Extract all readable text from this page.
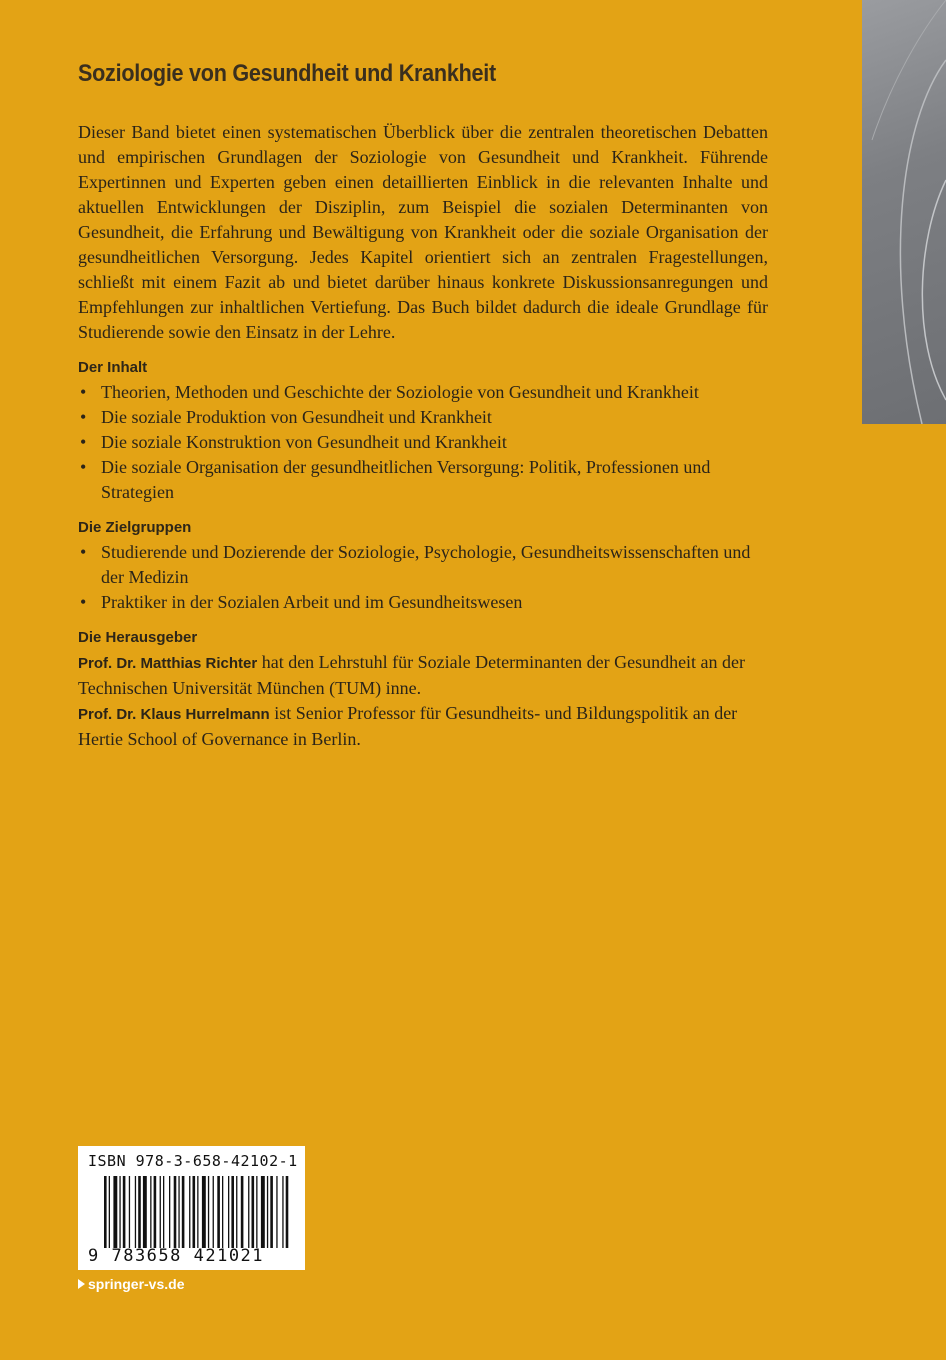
Soziologie von Gesundheit und Krankheit

Dieser Band bietet einen systematischen Überblick über die zentralen theoretischen Debatten und empirischen Grundlagen der Soziologie von Gesundheit und Krankheit. Führende Expertinnen und Experten geben einen detaillierten Einblick in die relevanten Inhalte und aktuellen Entwicklungen der Disziplin, zum Beispiel die sozialen Determinanten von Gesundheit, die Erfahrung und Bewältigung von Krankheit oder die soziale Organisation der gesundheitlichen Versorgung. Jedes Kapitel orientiert sich an zentralen Fragestellungen, schließt mit einem Fazit ab und bietet darüber hinaus konkrete Diskussionsanregungen und Empfehlungen zur inhaltlichen Vertiefung. Das Buch bildet dadurch die ideale Grundlage für Studierende sowie den Einsatz in der Lehre.

Der Inhalt
• Theorien, Methoden und Geschichte der Soziologie von Gesundheit und Krankheit
• Die soziale Produktion von Gesundheit und Krankheit
• Die soziale Konstruktion von Gesundheit und Krankheit
• Die soziale Organisation der gesundheitlichen Versorgung: Politik, Professionen und Strategien
Die Zielgruppen
• Studierende und Dozierende der Soziologie, Psychologie, Gesundheitswissenschaften und der Medizin
• Praktiker in der Sozialen Arbeit und im Gesundheitswesen
Die Herausgeber

Prof. Dr. Matthias Richter hat den Lehrstuhl für Soziale Determinanten der Gesundheit an der Technischen Universität München (TUM) inne.

Prof. Dr. Klaus Hurrelmann ist Senior Professor für Gesundheits- und Bildungspolitik an der Hertie School of Governance in Berlin.

ISBN 978-3-658-42102-1
9 783658 421021
springer-vs.de
